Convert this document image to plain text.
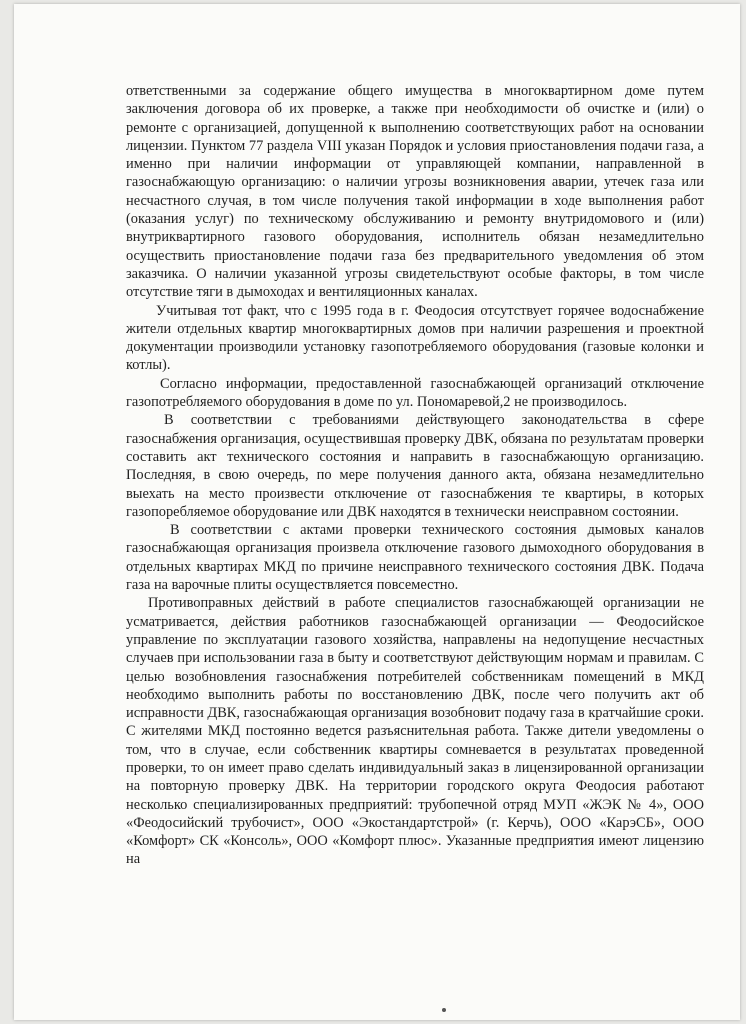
ответственными за содержание общего имущества в многоквартирном доме путем заключения договора об их проверке, а также при необходимости об очистке и (или) о ремонте с организацией, допущенной к выполнению соответствующих работ на основании лицензии. Пунктом 77 раздела VIII указан Порядок и условия приостановления подачи газа, а именно при наличии информации от управляющей компании, направленной в газоснабжающую организацию: о наличии угрозы возникновения аварии, утечек газа или несчастного случая, в том числе получения такой информации в ходе выполнения работ (оказания услуг) по техническому обслуживанию и ремонту внутридомового и (или) внутриквартирного газового оборудования, исполнитель обязан незамедлительно осуществить приостановление подачи газа без предварительного уведомления об этом заказчика. О наличии указанной угрозы свидетельствуют особые факторы, в том числе отсутствие тяги в дымоходах и вентиляционных каналах.

Учитывая тот факт, что с 1995 года в г. Феодосия отсутствует горячее водоснабжение жители отдельных квартир многоквартирных домов при наличии разрешения и проектной документации производили установку газопотребляемого оборудования (газовые колонки и котлы).

Согласно информации, предоставленной газоснабжающей организаций отключение газопотребляемого оборудования в доме по ул. Пономаревой,2 не производилось.

В соответствии с требованиями действующего законодательства в сфере газоснабжения организация, осуществившая проверку ДВК, обязана по результатам проверки составить акт технического состояния и направить в газоснабжающую организацию. Последняя, в свою очередь, по мере получения данного акта, обязана незамедлительно выехать на место произвести отключение от газоснабжения те квартиры, в которых газопоребляемое оборудование или ДВК находятся в технически неисправном состоянии.

В соответствии с актами проверки технического состояния дымовых каналов газоснабжающая организация произвела отключение газового дымоходного оборудования в отдельных квартирах МКД по причине неисправного технического состояния ДВК. Подача газа на варочные плиты осуществляется повсеместно.

Противоправных действий в работе специалистов газоснабжающей организации не усматривается, действия работников газоснабжающей организации — Феодосийское управление по эксплуатации газового хозяйства, направлены на недопущение несчастных случаев при использовании газа в быту и соответствуют действующим нормам и правилам. С целью возобновления газоснабжения потребителей собственникам помещений в МКД необходимо выполнить работы по восстановлению ДВК, после чего получить акт об исправности ДВК, газоснабжающая организация возобновит подачу газа в кратчайшие сроки.

С жителями МКД постоянно ведется разъяснительная работа. Также дители уведомлены о том, что в случае, если собственник квартиры сомневается в результатах проведенной проверки, то он имеет право сделать индивидуальный заказ в лицензированной организации на повторную проверку ДВК. На территории городского округа Феодосия работают несколько специализированных предприятий: трубопечной отряд МУП «ЖЭК № 4», ООО «Феодосийский трубочист», ООО «Экостандартстрой» (г. Керчь), ООО «КарэСБ», ООО «Комфорт» СК «Консоль», ООО «Комфорт плюс». Указанные предприятия имеют лицензию на
